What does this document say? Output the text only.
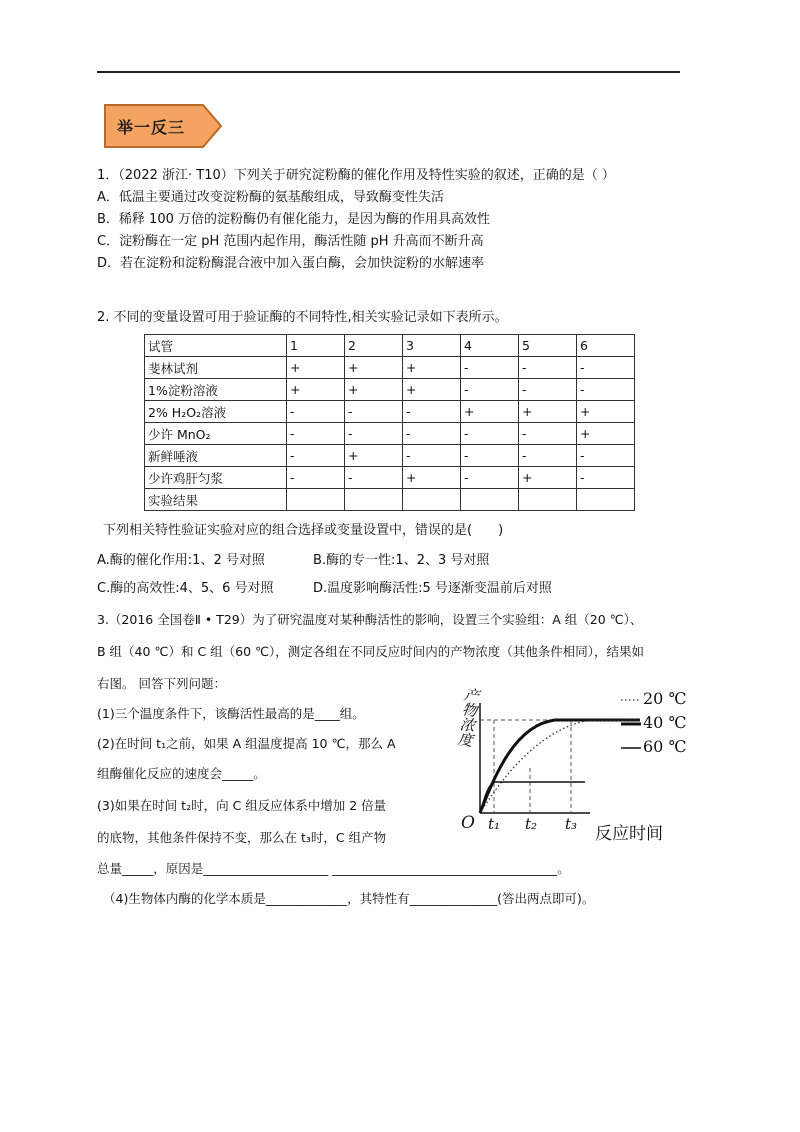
举一反三
1．（2022 浙江· T10）下列关于研究淀粉酶的催化作用及特性实验的叙述，正确的是（ ）
A．低温主要通过改变淀粉酶的氨基酸组成，导致酶变性失活
B．稀释 100 万倍的淀粉酶仍有催化能力，是因为酶的作用具高效性
C．淀粉酶在一定 pH 范围内起作用，酶活性随 pH 升高而不断升高
D．若在淀粉和淀粉酶混合液中加入蛋白酶，会加快淀粉的水解速率
2. 不同的变量设置可用于验证酶的不同特性,相关实验记录如下表所示。
试管	1	2	3	4	5	6
斐林试剂	+	+	+	-	-	-
1%淀粉溶液	+	+	+	-	-	-
2% H₂O₂溶液	-	-	-	+	+	+
少许 MnO₂	-	-	-	-	-	+
新鲜唾液	-	+	-	-	-	-
少许鸡肝匀浆	-	-	+	-	+	-
实验结果						
下列相关特性验证实验对应的组合选择或变量设置中，错误的是(　　)
A.酶的催化作用:1、2 号对照	B.酶的专一性:1、2、3 号对照
C.酶的高效性:4、5、6 号对照	D.温度影响酶活性:5 号逐渐变温前后对照
3.（2016 全国卷Ⅱ • T29）为了研究温度对某种酶活性的影响，设置三个实验组：A 组（20 ℃）、
B 组（40 ℃）和 C 组（60 ℃），测定各组在不同反应时间内的产物浓度（其他条件相同），结果如
右图。 回答下列问题：
(1)三个温度条件下，该酶活性最高的是____组。
(2)在时间 t₁之前，如果 A 组温度提高 10 ℃，那么 A
组酶催化反应的速度会_____。
(3)如果在时间 t₂时，向 C 组反应体系中增加 2 倍量
的底物，其他条件保持不变，那么在 t₃时，C 组产物
总量_____，原因是____________________ ____________________________________。
（4)生物体内酶的化学本质是_____________，其特性有______________(答出两点即可)。
产物浓度
O t₁ t₂ t₃ 反应时间
20 ℃
40 ℃
60 ℃
